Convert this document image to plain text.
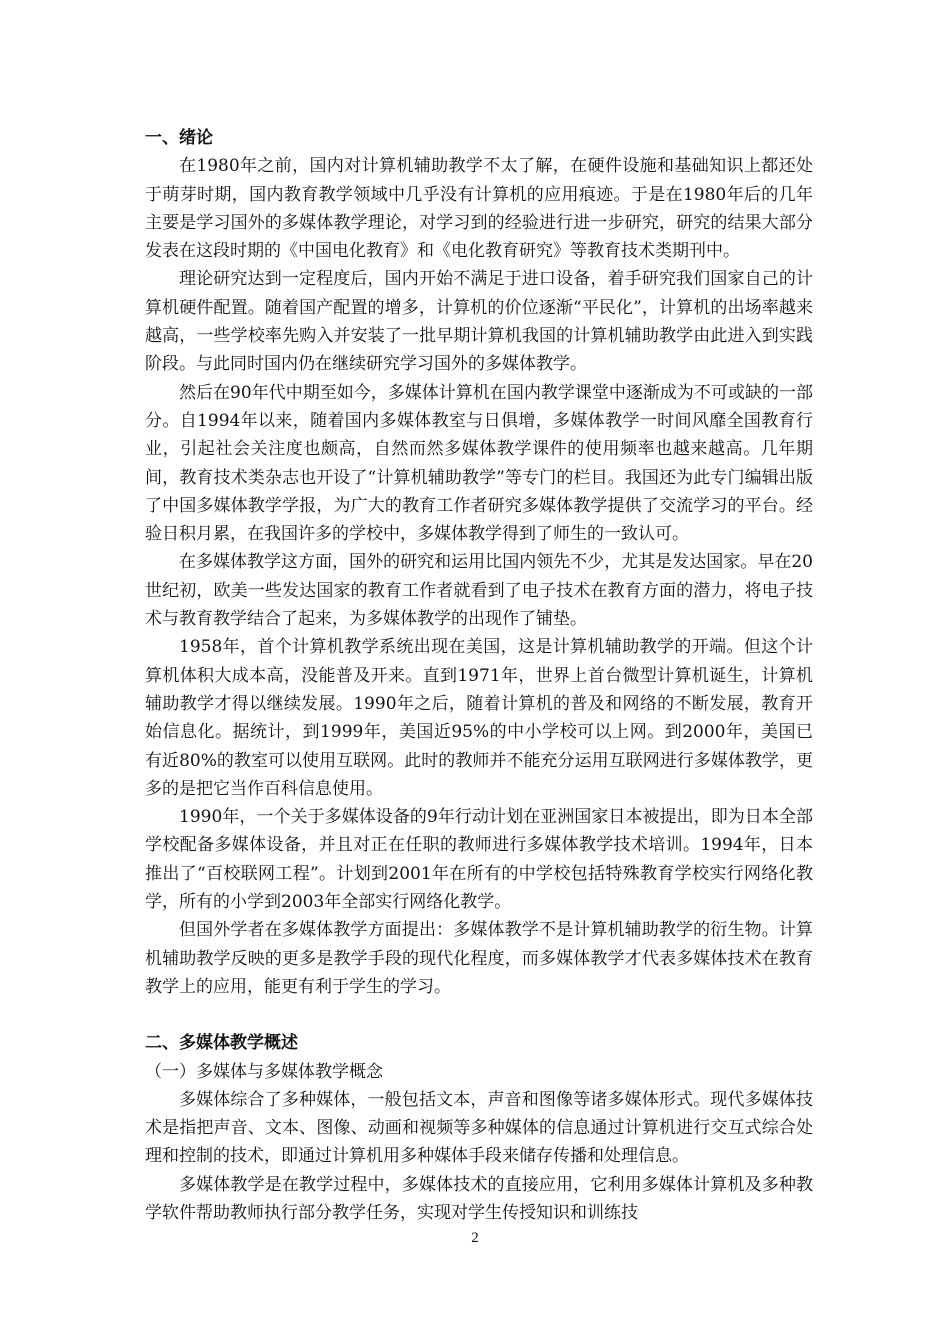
一、绪论

在1980年之前，国内对计算机辅助教学不太了解，在硬件设施和基础知识上都还处于萌芽时期，国内教育教学领域中几乎没有计算机的应用痕迹。于是在1980年后的几年主要是学习国外的多媒体教学理论，对学习到的经验进行进一步研究，研究的结果大部分发表在这段时期的《中国电化教育》和《电化教育研究》等教育技术类期刊中。

理论研究达到一定程度后，国内开始不满足于进口设备，着手研究我们国家自己的计算机硬件配置。随着国产配置的增多，计算机的价位逐渐“平民化”，计算机的出场率越来越高，一些学校率先购入并安装了一批早期计算机我国的计算机辅助教学由此进入到实践阶段。与此同时国内仍在继续研究学习国外的多媒体教学。

然后在90年代中期至如今，多媒体计算机在国内教学课堂中逐渐成为不可或缺的一部分。自1994年以来，随着国内多媒体教室与日俱增，多媒体教学一时间风靡全国教育行业，引起社会关注度也颇高，自然而然多媒体教学课件的使用频率也越来越高。几年期间，教育技术类杂志也开设了“计算机辅助教学”等专门的栏目。我国还为此专门编辑出版了中国多媒体教学学报，为广大的教育工作者研究多媒体教学提供了交流学习的平台。经验日积月累，在我国许多的学校中，多媒体教学得到了师生的一致认可。

在多媒体教学这方面，国外的研究和运用比国内领先不少，尤其是发达国家。早在20世纪初，欧美一些发达国家的教育工作者就看到了电子技术在教育方面的潜力，将电子技术与教育教学结合了起来，为多媒体教学的出现作了铺垫。

1958年，首个计算机教学系统出现在美国，这是计算机辅助教学的开端。但这个计算机体积大成本高，没能普及开来。直到1971年，世界上首台微型计算机诞生，计算机辅助教学才得以继续发展。1990年之后，随着计算机的普及和网络的不断发展，教育开始信息化。据统计，到1999年，美国近95%的中小学校可以上网。到2000年，美国已有近80%的教室可以使用互联网。此时的教师并不能充分运用互联网进行多媒体教学，更多的是把它当作百科信息使用。

1990年，一个关于多媒体设备的9年行动计划在亚洲国家日本被提出，即为日本全部学校配备多媒体设备，并且对正在任职的教师进行多媒体教学技术培训。1994年，日本推出了“百校联网工程”。计划到2001年在所有的中学校包括特殊教育学校实行网络化教学，所有的小学到2003年全部实行网络化教学。

但国外学者在多媒体教学方面提出：多媒体教学不是计算机辅助教学的衍生物。计算机辅助教学反映的更多是教学手段的现代化程度，而多媒体教学才代表多媒体技术在教育教学上的应用，能更有利于学生的学习。

二、多媒体教学概述

（一）多媒体与多媒体教学概念

多媒体综合了多种媒体，一般包括文本，声音和图像等诸多媒体形式。现代多媒体技术是指把声音、文本、图像、动画和视频等多种媒体的信息通过计算机进行交互式综合处理和控制的技术，即通过计算机用多种媒体手段来储存传播和处理信息。

多媒体教学是在教学过程中，多媒体技术的直接应用，它利用多媒体计算机及多种教学软件帮助教师执行部分教学任务，实现对学生传授知识和训练技

2
